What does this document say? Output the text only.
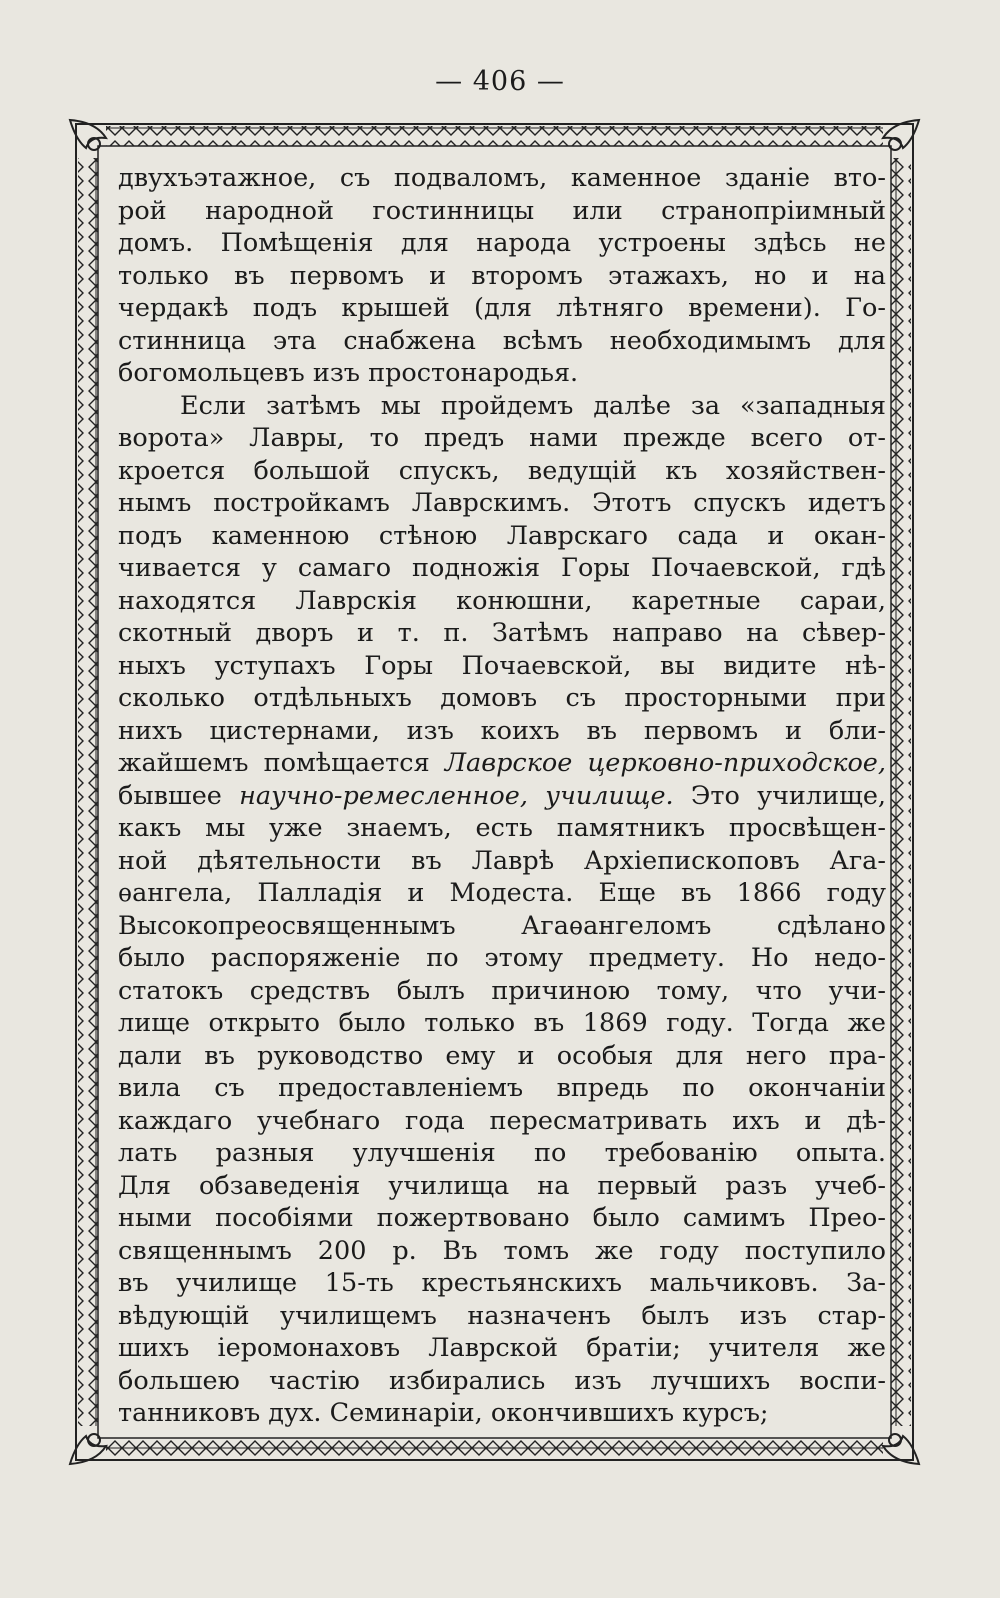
— 406 —
двухъэтажное, съ подваломъ, каменное зданіе вто-
рой народной гостинницы или странопріимный
домъ. Помѣщенія для народа устроены здѣсь не
только въ первомъ и второмъ этажахъ, но и на
чердакѣ подъ крышей (для лѣтняго времени). Го-
стинница эта снабжена всѣмъ необходимымъ для
богомольцевъ изъ простонародья.
Если затѣмъ мы пройдемъ далѣе за «западныя
ворота» Лавры, то предъ нами прежде всего от-
кроется большой спускъ, ведущій къ хозяйствен-
нымъ постройкамъ Лаврскимъ. Этотъ спускъ идетъ
подъ каменною стѣною Лаврскаго сада и окан-
чивается у самаго подножія Горы Почаевской, гдѣ
находятся Лаврскія конюшни, каретные сараи,
скотный дворъ и т. п. Затѣмъ направо на сѣвер-
ныхъ уступахъ Горы Почаевской, вы видите нѣ-
сколько отдѣльныхъ домовъ съ просторными при
нихъ цистернами, изъ коихъ въ первомъ и бли-
жайшемъ помѣщается Лаврское церковно-приходское,
бывшее научно-ремесленное, училище. Это училище,
какъ мы уже знаемъ, есть памятникъ просвѣщен-
ной дѣятельности въ Лаврѣ Архіепископовъ Ага-
ѳангела, Палладія и Модеста. Еще въ 1866 году
Высокопреосвященнымъ Агаѳангеломъ сдѣлано
было распоряженіе по этому предмету. Но недо-
статокъ средствъ былъ причиною тому, что учи-
лище открыто было только въ 1869 году. Тогда же
дали въ руководство ему и особыя для него пра-
вила съ предоставленіемъ впредь по окончаніи
каждаго учебнаго года пересматривать ихъ и дѣ-
лать разныя улучшенія по требованію опыта.
Для обзаведенія училища на первый разъ учеб-
ными пособіями пожертвовано было самимъ Прео-
священнымъ 200 р. Въ томъ же году поступило
въ училище 15-ть крестьянскихъ мальчиковъ. За-
вѣдующій училищемъ назначенъ былъ изъ стар-
шихъ іеромонаховъ Лаврской братіи; учителя же
большею частію избирались изъ лучшихъ воспи-
танниковъ дух. Семинаріи, окончившихъ курсъ;
